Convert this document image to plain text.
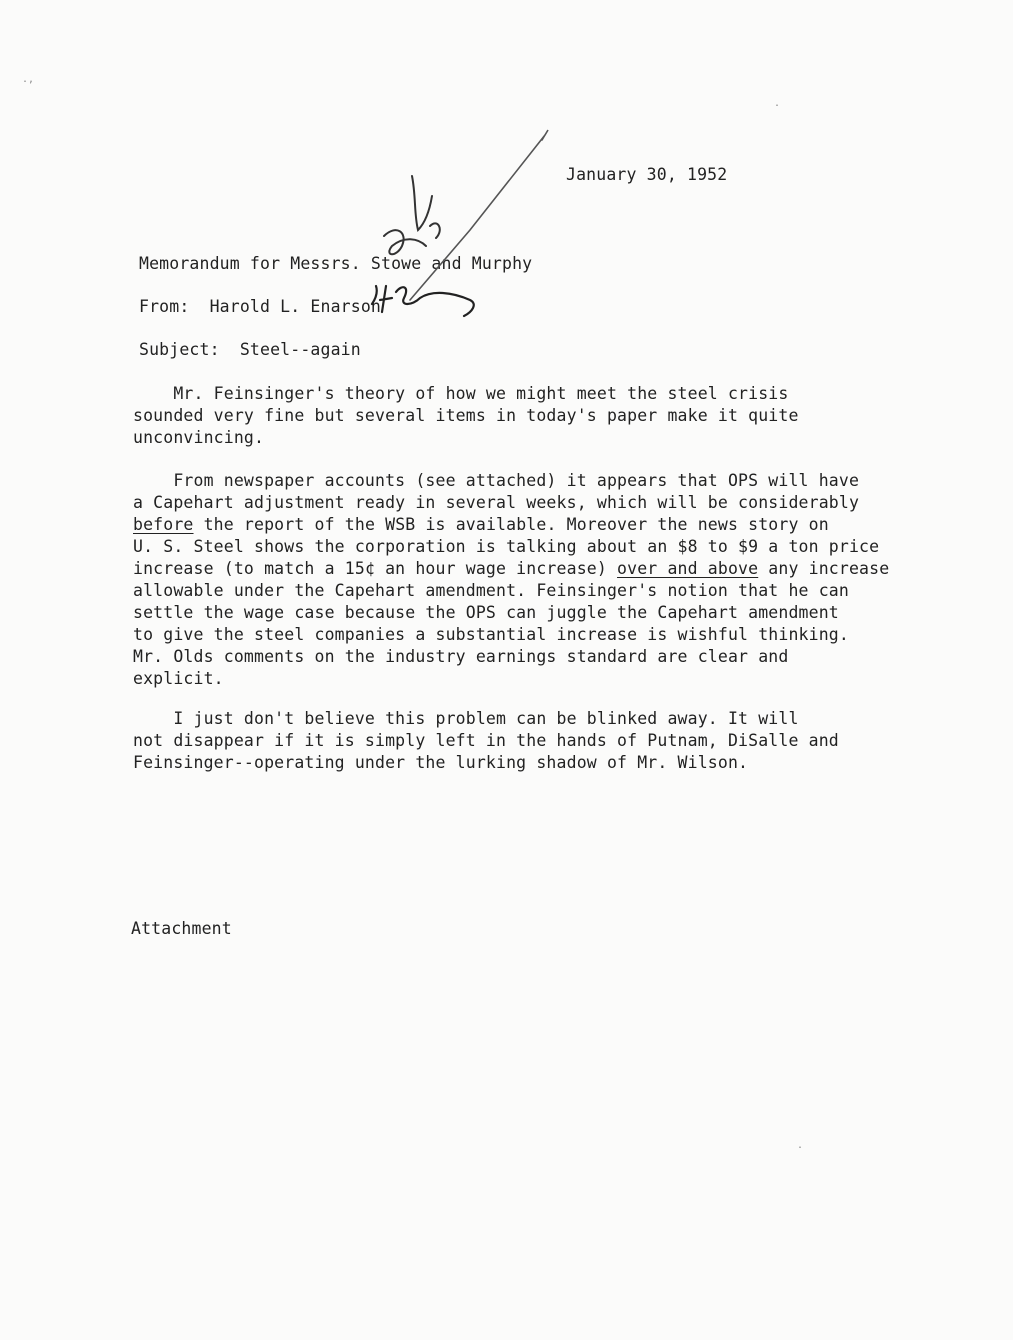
January 30, 1952
Memorandum for Messrs. Stowe and Murphy
From: Harold L. Enarson
Subject: Steel--again
Mr. Feinsinger's theory of how we might meet the steel crisis
sounded very fine but several items in today's paper make it quite
unconvincing.
From newspaper accounts (see attached) it appears that OPS will have
a Capehart adjustment ready in several weeks, which will be considerably
before the report of the WSB is available. Moreover the news story on
U. S. Steel shows the corporation is talking about an $8 to $9 a ton price
increase (to match a 15¢ an hour wage increase) over and above any increase
allowable under the Capehart amendment. Feinsinger's notion that he can
settle the wage case because the OPS can juggle the Capehart amendment
to give the steel companies a substantial increase is wishful thinking.
Mr. Olds comments on the industry earnings standard are clear and
explicit.
I just don't believe this problem can be blinked away. It will
not disappear if it is simply left in the hands of Putnam, DiSalle and
Feinsinger--operating under the lurking shadow of Mr. Wilson.
Attachment
.,
.
.
